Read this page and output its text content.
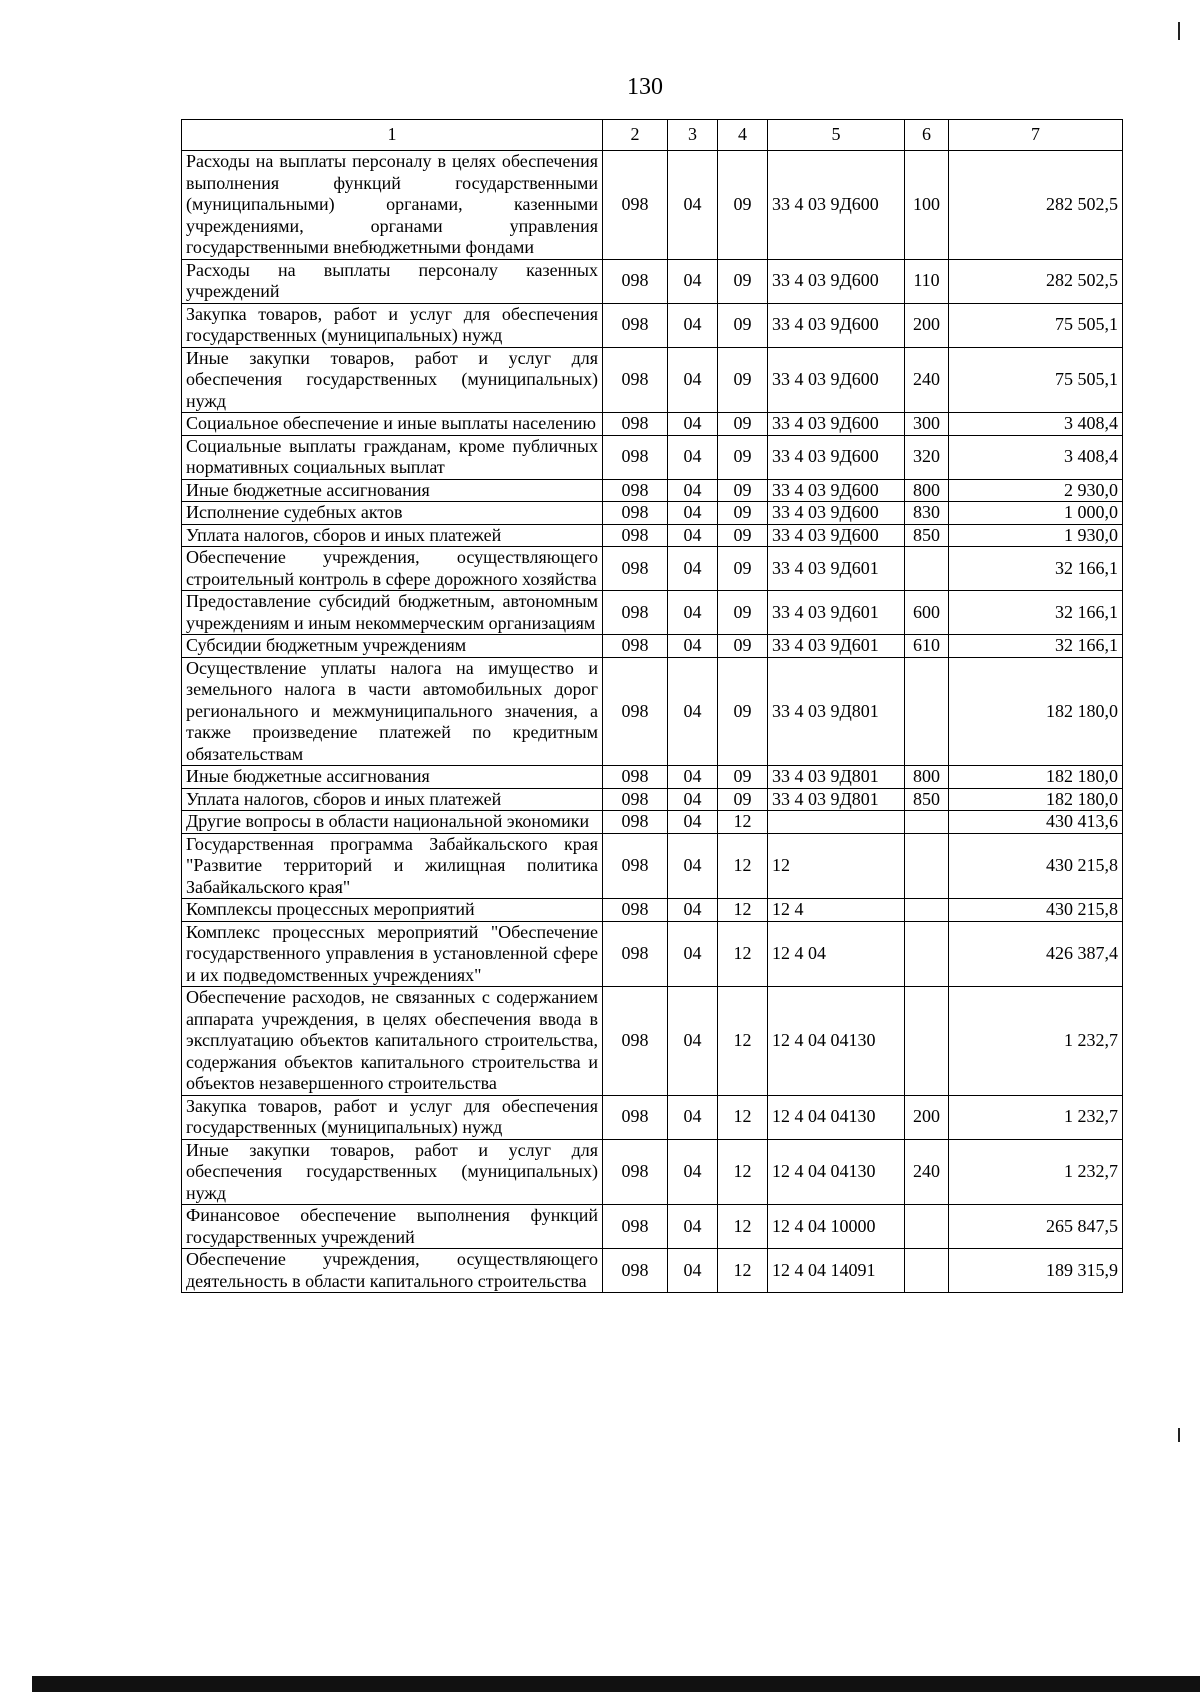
130
1	2	3	4	5	6	7
Расходы на выплаты персоналу в целях обеспечения выполнения функций государственными (муниципальными) органами, казенными учреждениями, органами управления государственными внебюджетными фондами	098	04	09	33 4 03 9Д600	100	282 502,5
Расходы на выплаты персоналу казенных учреждений	098	04	09	33 4 03 9Д600	110	282 502,5
Закупка товаров, работ и услуг для обеспечения государственных (муниципальных) нужд	098	04	09	33 4 03 9Д600	200	75 505,1
Иные закупки товаров, работ и услуг для обеспечения государственных (муниципальных) нужд	098	04	09	33 4 03 9Д600	240	75 505,1
Социальное обеспечение и иные выплаты населению	098	04	09	33 4 03 9Д600	300	3 408,4
Социальные выплаты гражданам, кроме публичных нормативных социальных выплат	098	04	09	33 4 03 9Д600	320	3 408,4
Иные бюджетные ассигнования	098	04	09	33 4 03 9Д600	800	2 930,0
Исполнение судебных актов	098	04	09	33 4 03 9Д600	830	1 000,0
Уплата налогов, сборов и иных платежей	098	04	09	33 4 03 9Д600	850	1 930,0
Обеспечение учреждения, осуществляющего строительный контроль в сфере дорожного хозяйства	098	04	09	33 4 03 9Д601		32 166,1
Предоставление субсидий бюджетным, автономным учреждениям и иным некоммерческим организациям	098	04	09	33 4 03 9Д601	600	32 166,1
Субсидии бюджетным учреждениям	098	04	09	33 4 03 9Д601	610	32 166,1
Осуществление уплаты налога на имущество и земельного налога в части автомобильных дорог регионального и межмуниципального значения, а также произведение платежей по кредитным обязательствам	098	04	09	33 4 03 9Д801		182 180,0
Иные бюджетные ассигнования	098	04	09	33 4 03 9Д801	800	182 180,0
Уплата налогов, сборов и иных платежей	098	04	09	33 4 03 9Д801	850	182 180,0
Другие вопросы в области национальной экономики	098	04	12			430 413,6
Государственная программа Забайкальского края "Развитие территорий и жилищная политика Забайкальского края"	098	04	12	12		430 215,8
Комплексы процессных мероприятий	098	04	12	12 4		430 215,8
Комплекс процессных мероприятий "Обеспечение государственного управления в установленной сфере и их подведомственных учреждениях"	098	04	12	12 4 04		426 387,4
Обеспечение расходов, не связанных с содержанием аппарата учреждения, в целях обеспечения ввода в эксплуатацию объектов капитального строительства, содержания объектов капитального строительства и объектов незавершенного строительства	098	04	12	12 4 04 04130		1 232,7
Закупка товаров, работ и услуг для обеспечения государственных (муниципальных) нужд	098	04	12	12 4 04 04130	200	1 232,7
Иные закупки товаров, работ и услуг для обеспечения государственных (муниципальных) нужд	098	04	12	12 4 04 04130	240	1 232,7
Финансовое обеспечение выполнения функций государственных учреждений	098	04	12	12 4 04 10000		265 847,5
Обеспечение учреждения, осуществляющего деятельность в области капитального строительства	098	04	12	12 4 04 14091		189 315,9
